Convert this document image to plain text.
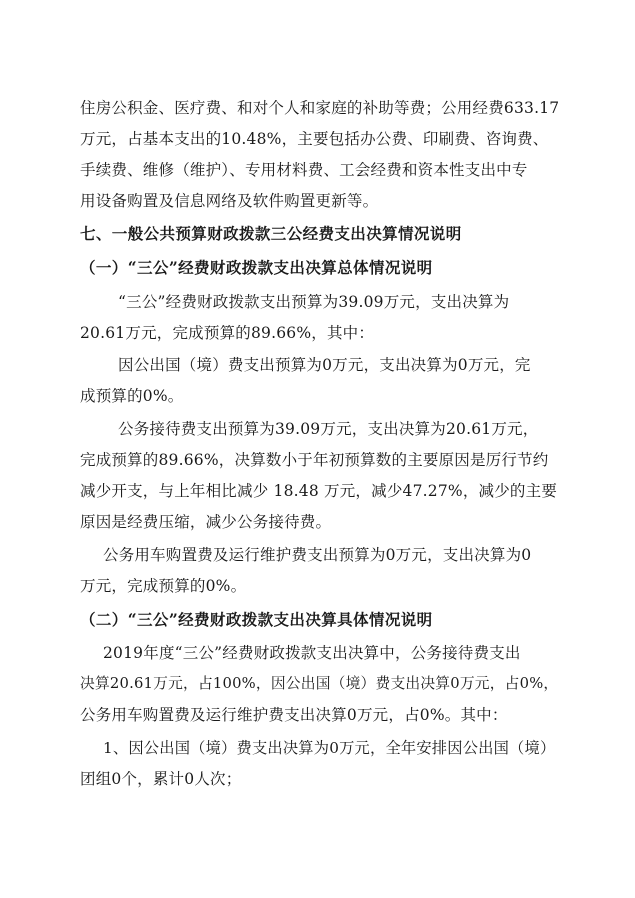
住房公积金、医疗费、和对个人和家庭的补助等费；公用经费633.17
万元，占基本支出的10.48%，主要包括办公费、印刷费、咨询费、
手续费、维修（维护）、专用材料费、工会经费和资本性支出中专
用设备购置及信息网络及软件购置更新等。
七、一般公共预算财政拨款三公经费支出决算情况说明
（一）“三公”经费财政拨款支出决算总体情况说明
“三公”经费财政拨款支出预算为39.09万元，支出决算为
20.61万元，完成预算的89.66%，其中：
因公出国（境）费支出预算为0万元，支出决算为0万元，完
成预算的0%。
公务接待费支出预算为39.09万元，支出决算为20.61万元，
完成预算的89.66%，决算数小于年初预算数的主要原因是厉行节约
减少开支，与上年相比减少 18.48 万元，减少47.27%，减少的主要
原因是经费压缩，减少公务接待费。
公务用车购置费及运行维护费支出预算为0万元，支出决算为0
万元，完成预算的0%。
（二）“三公”经费财政拨款支出决算具体情况说明
2019年度“三公”经费财政拨款支出决算中，公务接待费支出
决算20.61万元，占100%，因公出国（境）费支出决算0万元，占0%，
公务用车购置费及运行维护费支出决算0万元，占0%。其中：
1、因公出国（境）费支出决算为0万元，全年安排因公出国（境）
团组0个，累计0人次；
